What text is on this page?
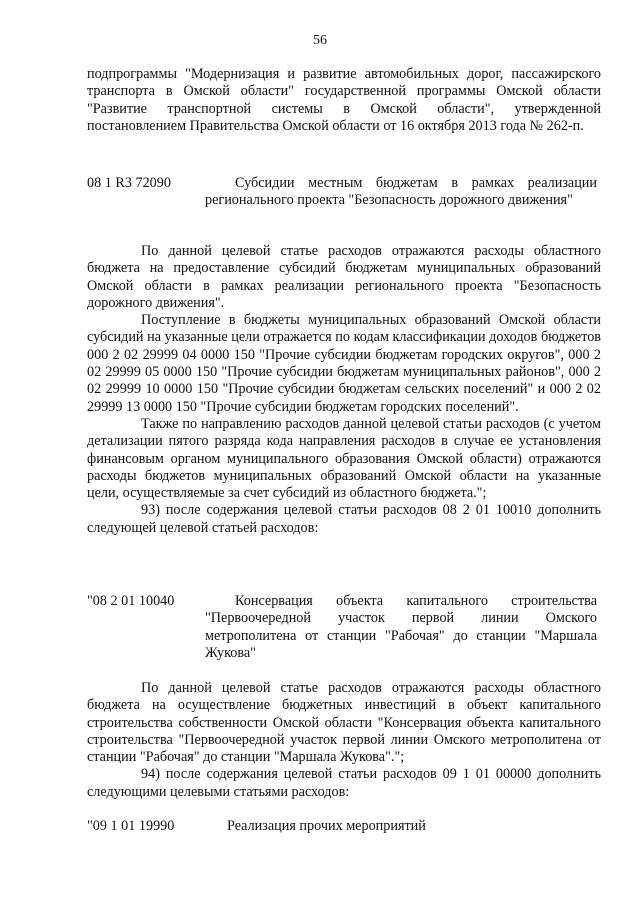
56

подпрограммы "Модернизация и развитие автомобильных дорог, пассажирского транспорта в Омской области" государственной программы Омской области "Развитие транспортной системы в Омской области", утвержденной постановлением Правительства Омской области от 16 октября 2013 года № 262-п.

08 1 R3 72090	Субсидии местным бюджетам в рамках реализации регионального проекта "Безопасность дорожного движения"

По данной целевой статье расходов отражаются расходы областного бюджета на предоставление субсидий бюджетам муниципальных образований Омской области в рамках реализации регионального проекта "Безопасность дорожного движения".

Поступление в бюджеты муниципальных образований Омской области субсидий на указанные цели отражается по кодам классификации доходов бюджетов 000 2 02 29999 04 0000 150 "Прочие субсидии бюджетам городских округов", 000 2 02 29999 05 0000 150 "Прочие субсидии бюджетам муниципальных районов", 000 2 02 29999 10 0000 150 "Прочие субсидии бюджетам сельских поселений" и 000 2 02 29999 13 0000 150 "Прочие субсидии бюджетам городских поселений".

Также по направлению расходов данной целевой статьи расходов (с учетом детализации пятого разряда кода направления расходов в случае ее установления финансовым органом муниципального образования Омской области) отражаются расходы бюджетов муниципальных образований Омской области на указанные цели, осуществляемые за счет субсидий из областного бюджета.";

93) после содержания целевой статьи расходов 08 2 01 10010 дополнить следующей целевой статьей расходов:

"08 2 01 10040	Консервация объекта капитального строительства "Первоочередной участок первой линии Омского метрополитена от станции "Рабочая" до станции "Маршала Жукова"

По данной целевой статье расходов отражаются расходы областного бюджета на осуществление бюджетных инвестиций в объект капитального строительства собственности Омской области "Консервация объекта капитального строительства "Первоочередной участок первой линии Омского метрополитена от станции "Рабочая" до станции "Маршала Жукова".";

94) после содержания целевой статьи расходов 09 1 01 00000 дополнить следующими целевыми статьями расходов:

"09 1 01 19990	Реализация прочих мероприятий
